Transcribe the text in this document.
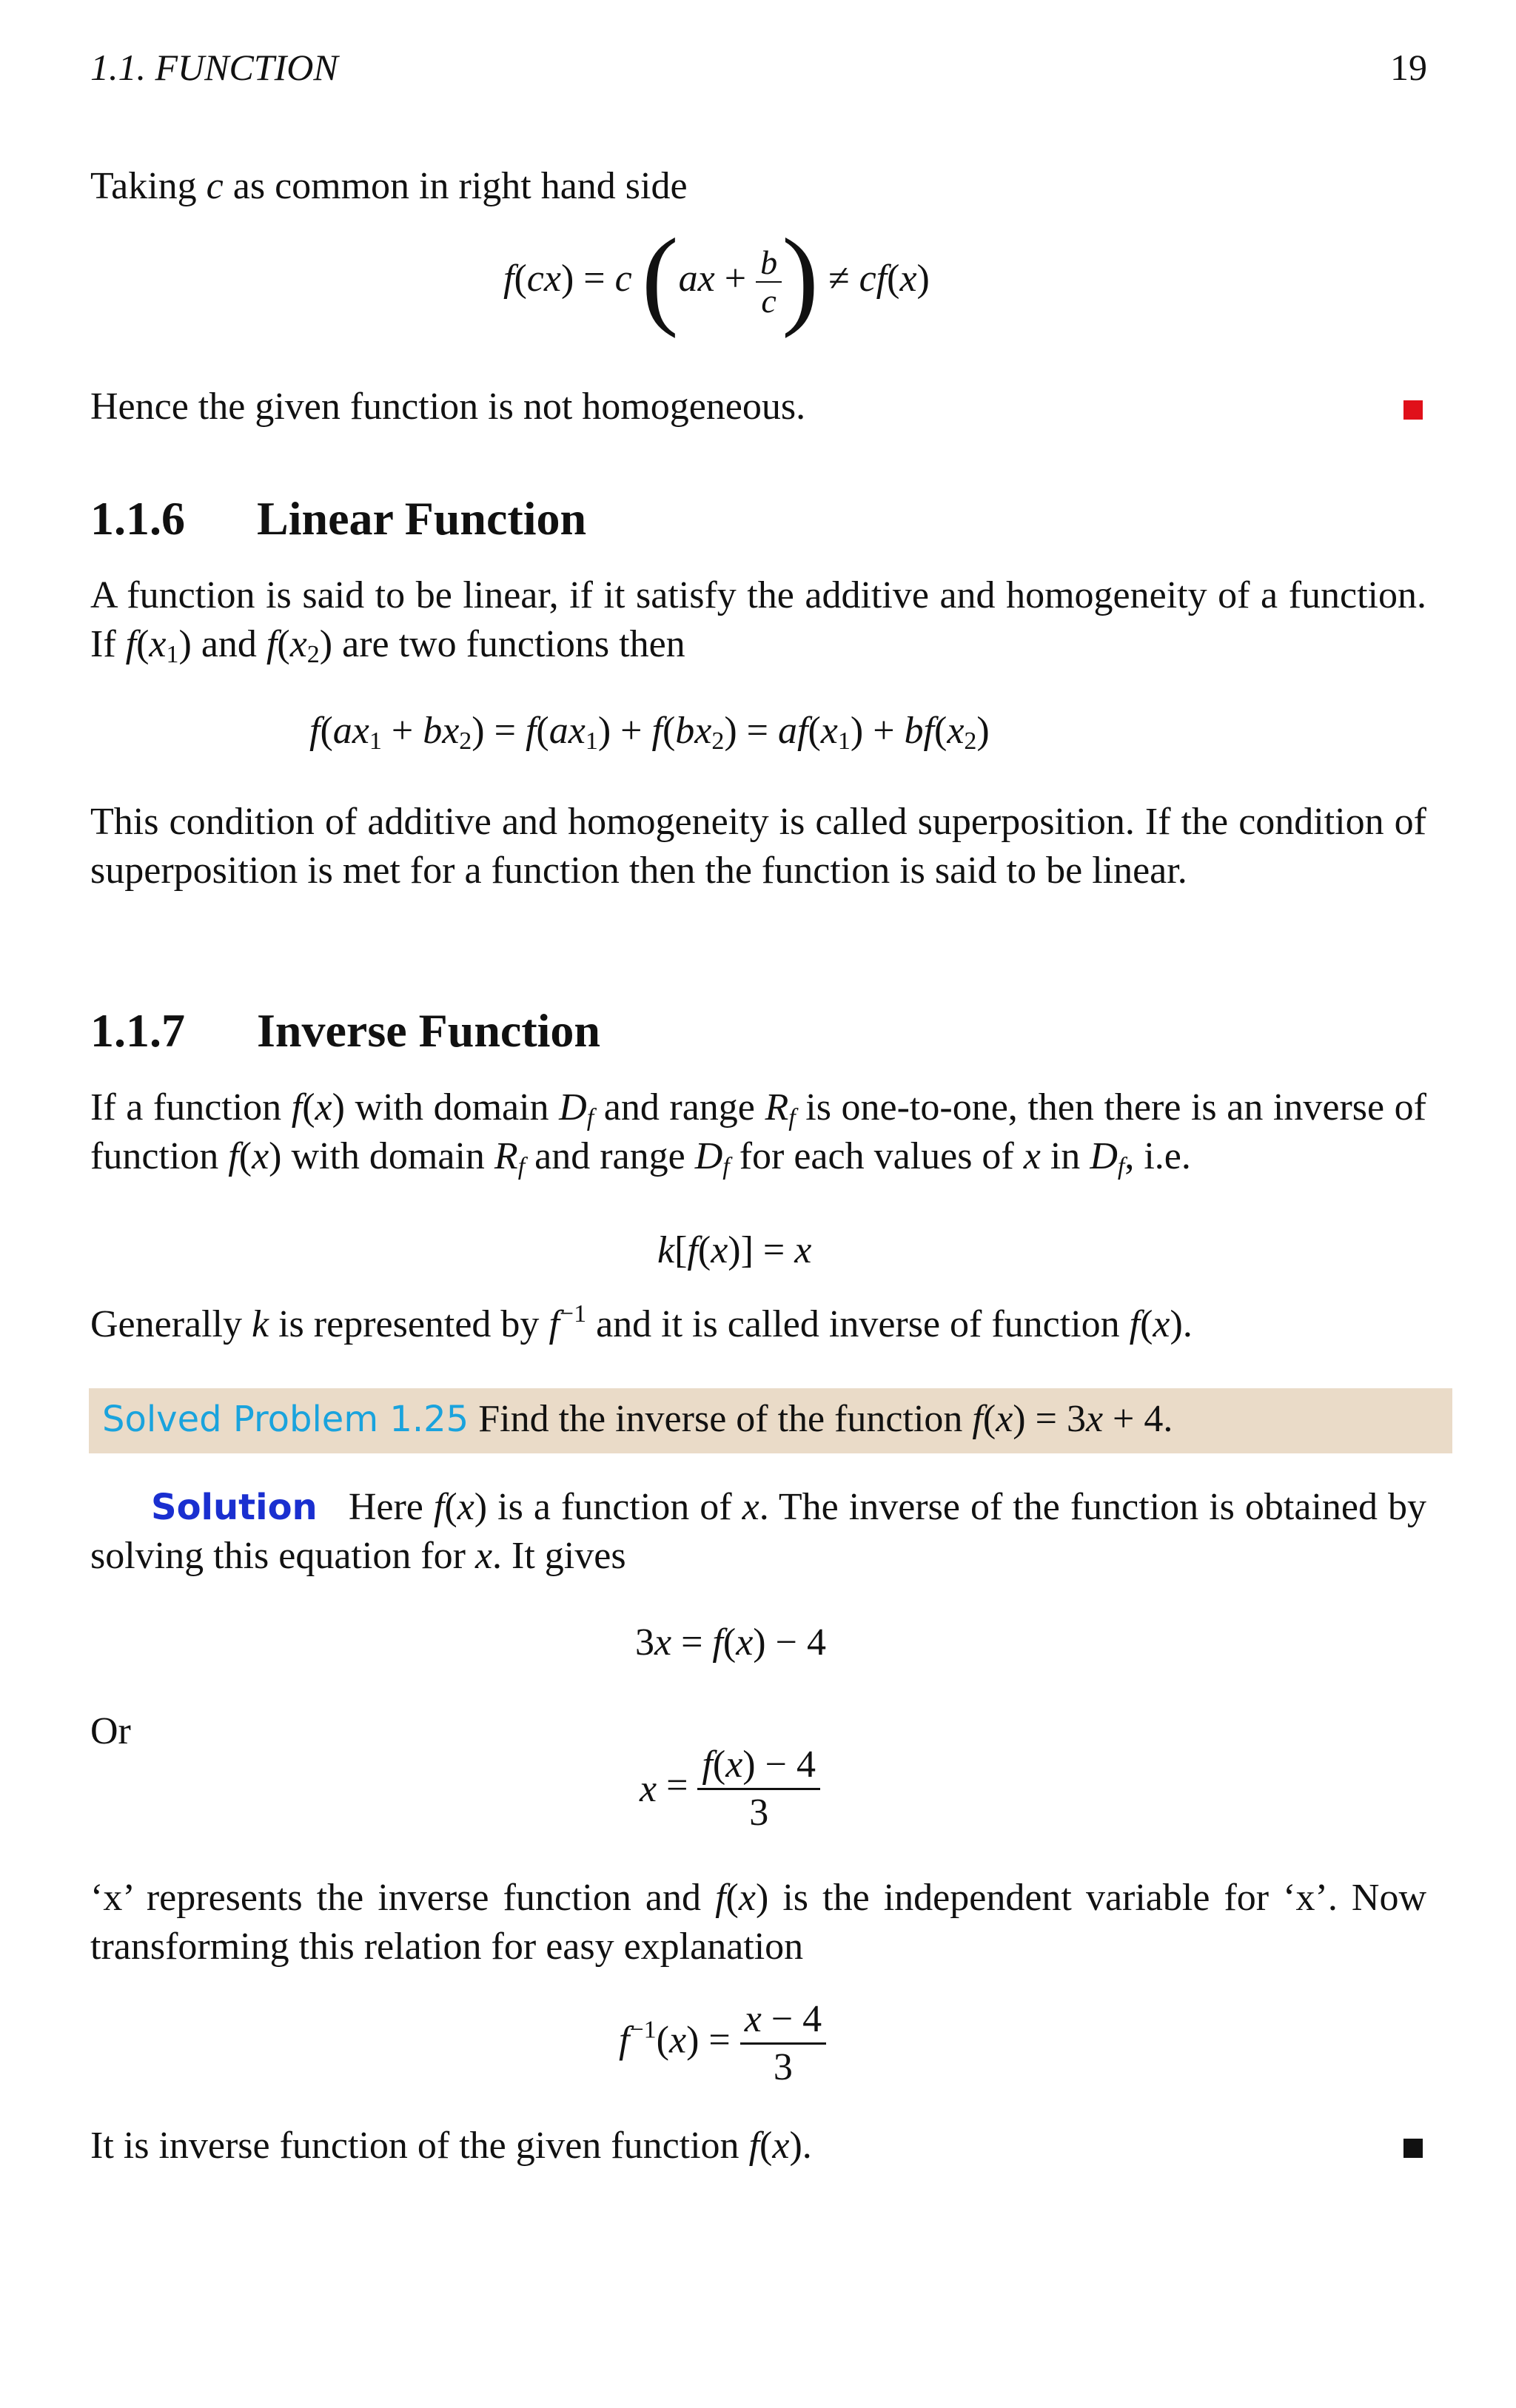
1.1. FUNCTION	19
Taking c as common in right hand side
f(cx) = c ($ax + \frac{b}{c}$ ) ≠ cf(x)
Hence the given function is not homogeneous.
1.1.6 Linear Function
A function is said to be linear, if it satisfy the additive and homogeneity of a function. If $f(x_1)$ and $f(x_2)$ are two functions then
$f(ax_1 + bx_2) = f(ax_1) + f(bx_2) = af(x_1) + bf(x_2)$
This condition of additive and homogeneity is called superposition. If the condition of superposition is met for a function then the function is said to be linear.
1.1.7 Inverse Function
If a function f(x) with domain $D_f$ and range $R_f$ is one-to-one, then there is an inverse of function f(x) with domain $R_f$ and range $D_f$ for each values of x in $D_f$, i.e.
k[f(x)] = x
Generally k is represented by $f^{-1}$ and it is called inverse of function f(x).
Solved Problem 1.25 Find the inverse of the function f(x) = 3x + 4.
Solution   Here f(x) is a function of x. The inverse of the function is obtained by solving this equation for x. It gives
3x = f(x) − 4
Or
$x = \frac{f(x) - 4}{3}$
‘x’ represents the inverse function and f(x) is the independent variable for ‘x’. Now transforming this relation for easy explanation
$f^{-1}(x) = \frac{x - 4}{3}$
It is inverse function of the given function f(x).
